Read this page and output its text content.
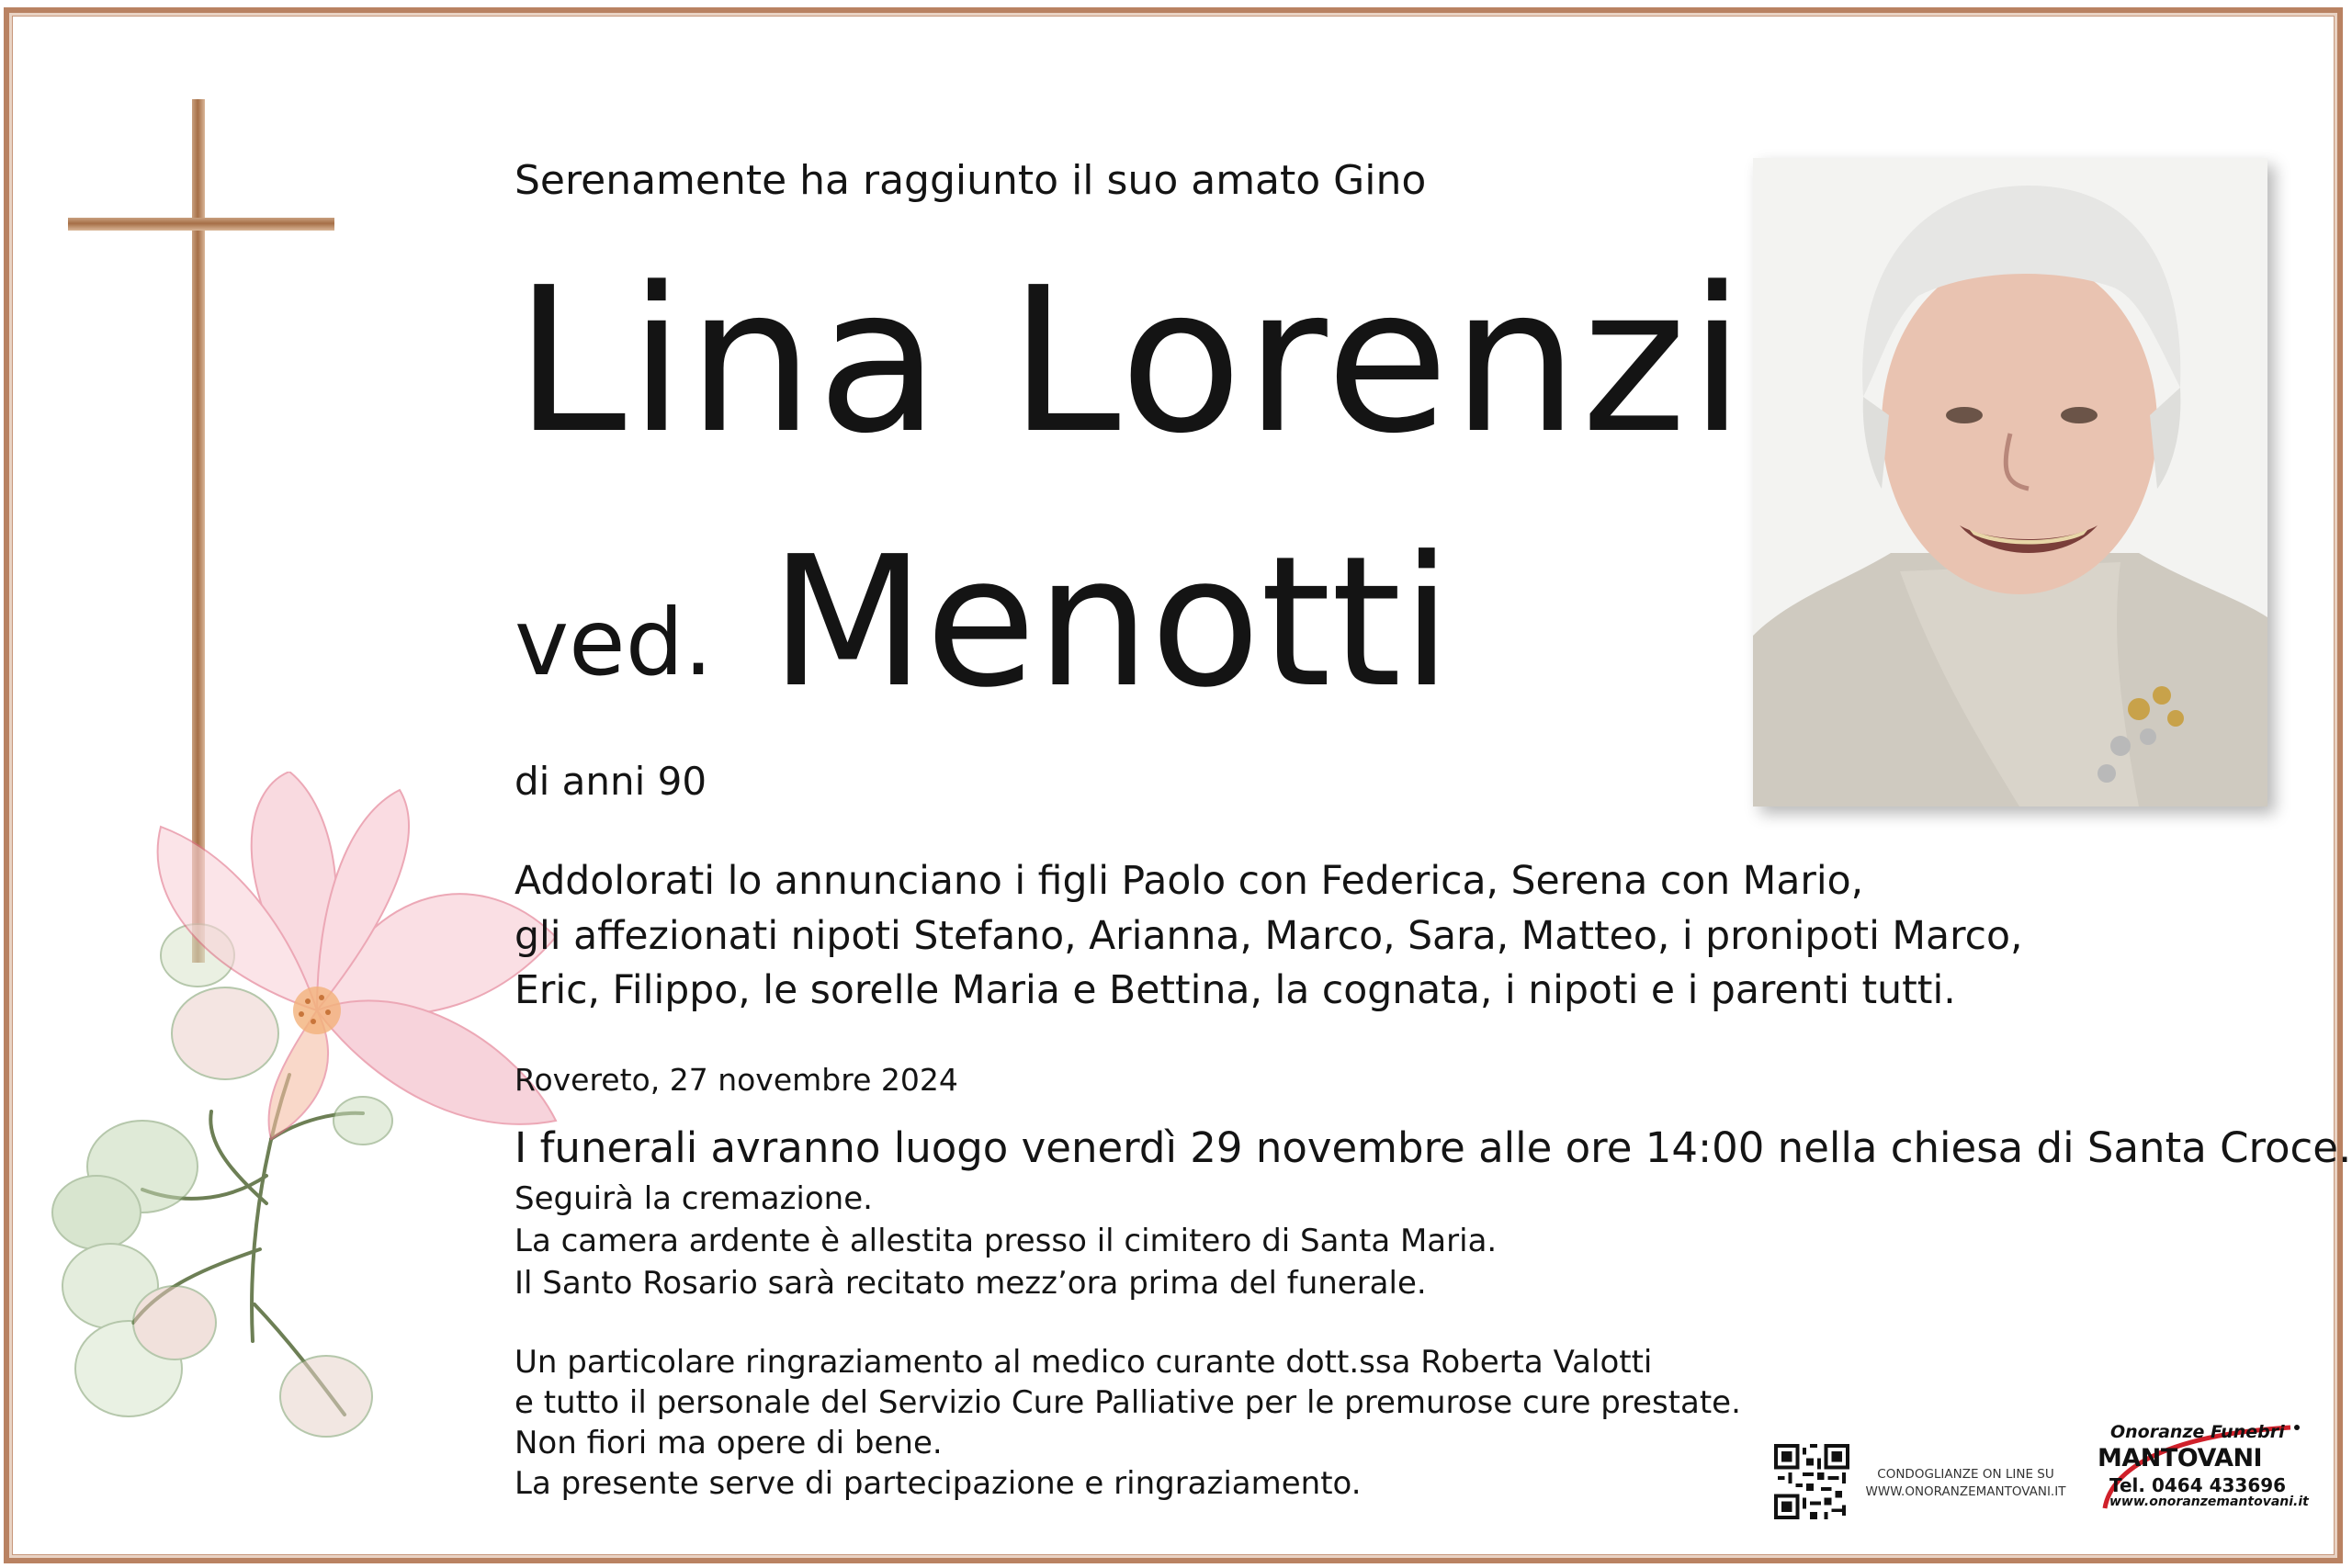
Serenamente ha raggiunto il suo amato Gino
Lina Lorenzi
ved. Menotti
di anni 90
Addolorati lo annunciano i figli Paolo con Federica, Serena con Mario,
gli affezionati nipoti Stefano, Arianna, Marco, Sara, Matteo, i pronipoti Marco,
Eric, Filippo, le sorelle Maria e Bettina, la cognata, i nipoti e i parenti tutti.
Rovereto, 27 novembre 2024
I funerali avranno luogo venerdì 29 novembre alle ore 14:00 nella chiesa di Santa Croce.
Seguirà la cremazione.
La camera ardente è allestita presso il cimitero di Santa Maria.
Il Santo Rosario sarà recitato mezz’ora prima del funerale.
Un particolare ringraziamento al medico curante dott.ssa Roberta Valotti
e tutto il personale del Servizio Cure Palliative per le premurose cure prestate.
Non fiori ma opere di bene.
La presente serve di partecipazione e ringraziamento.	CONDOGLIANZE ON LINE SU
WWW.ONORANZEMANTOVANI.IT
Onoranze Funebri
MANTOVANI
Tel. 0464 433696
www.onoranzemantovani.it
